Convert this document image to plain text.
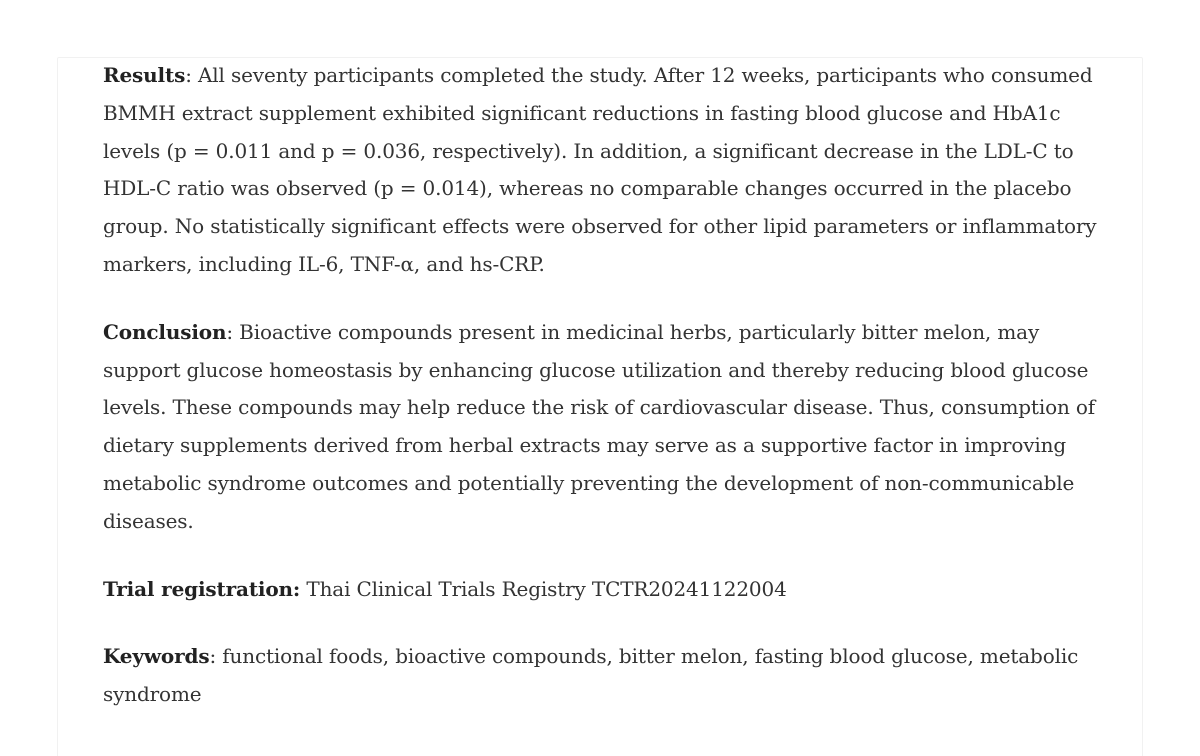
Results: All seventy participants completed the study. After 12 weeks, participants who consumed BMMH extract supplement exhibited significant reductions in fasting blood glucose and HbA1c levels (p = 0.011 and p = 0.036, respectively). In addition, a significant decrease in the LDL-C to HDL-C ratio was observed (p = 0.014), whereas no comparable changes occurred in the placebo group. No statistically significant effects were observed for other lipid parameters or inflammatory markers, including IL-6, TNF-α, and hs-CRP.

Conclusion: Bioactive compounds present in medicinal herbs, particularly bitter melon, may support glucose homeostasis by enhancing glucose utilization and thereby reducing blood glucose levels. These compounds may help reduce the risk of cardiovascular disease. Thus, consumption of dietary supplements derived from herbal extracts may serve as a supportive factor in improving metabolic syndrome outcomes and potentially preventing the development of non-communicable diseases.

Trial registration: Thai Clinical Trials Registry TCTR20241122004

Keywords: functional foods, bioactive compounds, bitter melon, fasting blood glucose, metabolic syndrome
